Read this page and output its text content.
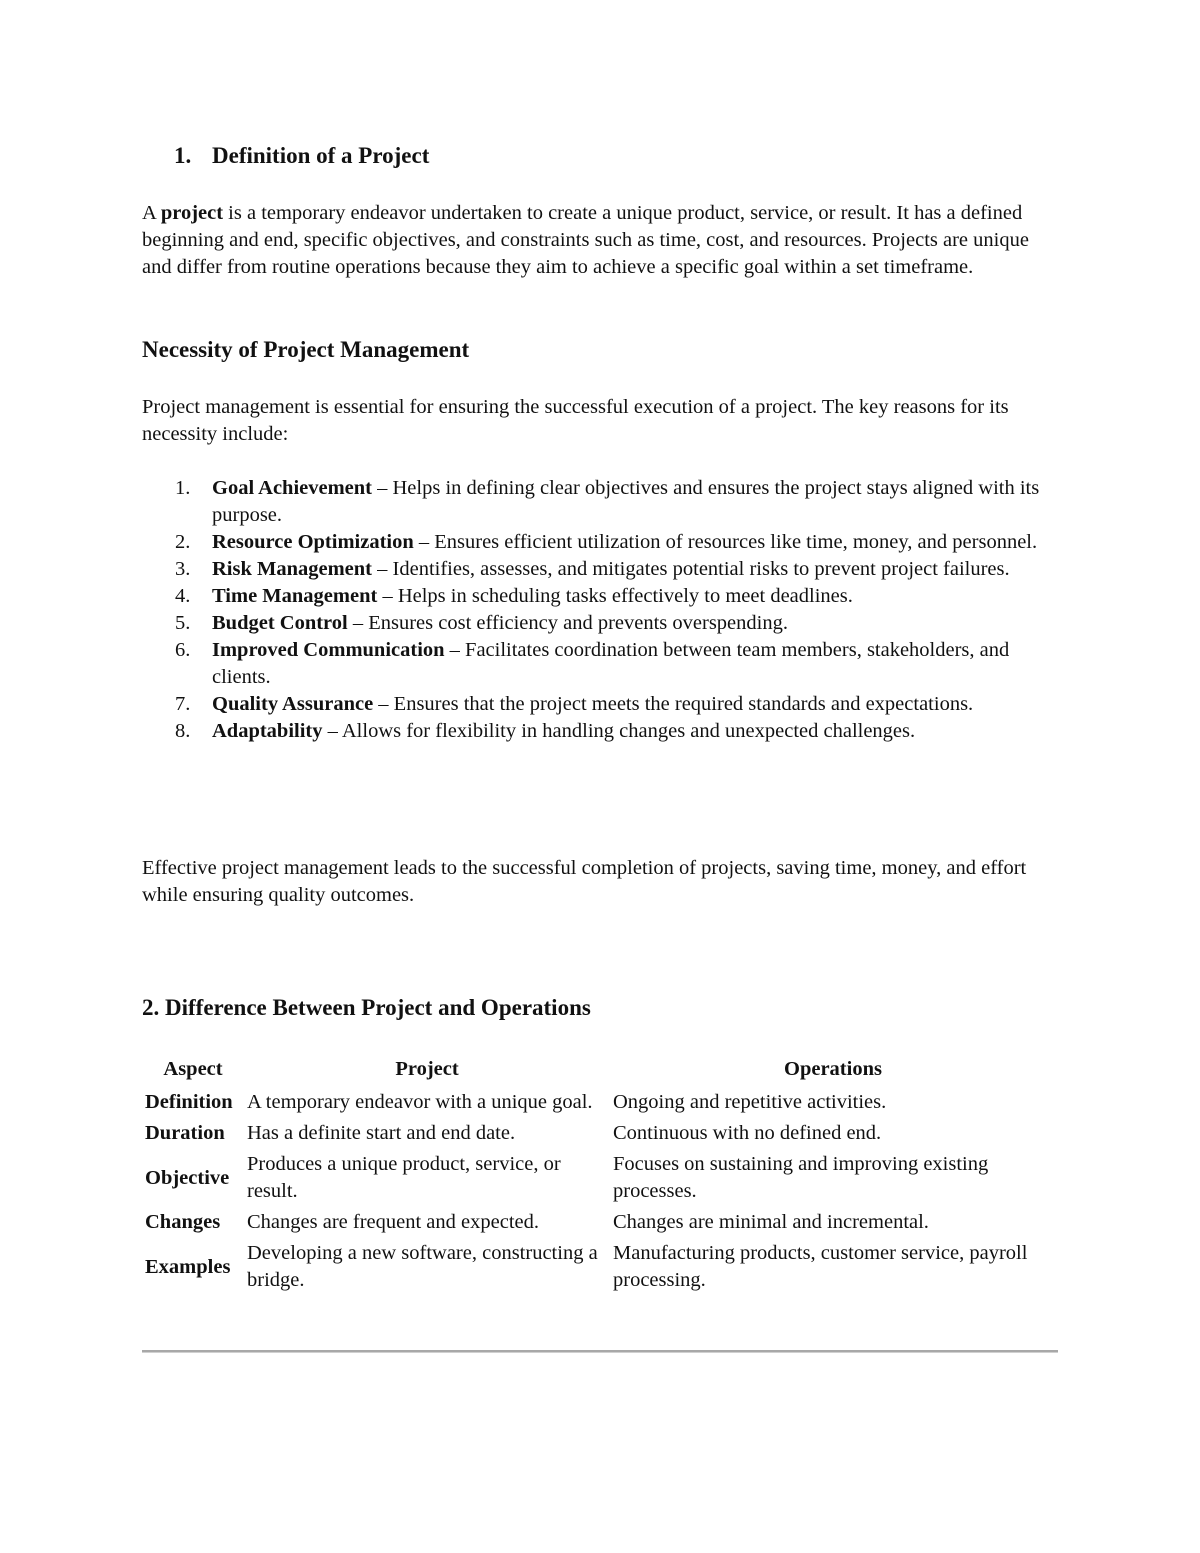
1. Definition of a Project
A project is a temporary endeavor undertaken to create a unique product, service, or result. It has a defined beginning and end, specific objectives, and constraints such as time, cost, and resources. Projects are unique and differ from routine operations because they aim to achieve a specific goal within a set timeframe.
Necessity of Project Management
Project management is essential for ensuring the successful execution of a project. The key reasons for its necessity include:
1. Goal Achievement – Helps in defining clear objectives and ensures the project stays aligned with its purpose.
2. Resource Optimization – Ensures efficient utilization of resources like time, money, and personnel.
3. Risk Management – Identifies, assesses, and mitigates potential risks to prevent project failures.
4. Time Management – Helps in scheduling tasks effectively to meet deadlines.
5. Budget Control – Ensures cost efficiency and prevents overspending.
6. Improved Communication – Facilitates coordination between team members, stakeholders, and clients.
7. Quality Assurance – Ensures that the project meets the required standards and expectations.
8. Adaptability – Allows for flexibility in handling changes and unexpected challenges.
Effective project management leads to the successful completion of projects, saving time, money, and effort while ensuring quality outcomes.
2. Difference Between Project and Operations
Aspect	Project	Operations
Definition	A temporary endeavor with a unique goal.	Ongoing and repetitive activities.
Duration	Has a definite start and end date.	Continuous with no defined end.
Objective	Produces a unique product, service, or result.	Focuses on sustaining and improving existing processes.
Changes	Changes are frequent and expected.	Changes are minimal and incremental.
Examples	Developing a new software, constructing a bridge.	Manufacturing products, customer service, payroll processing.
